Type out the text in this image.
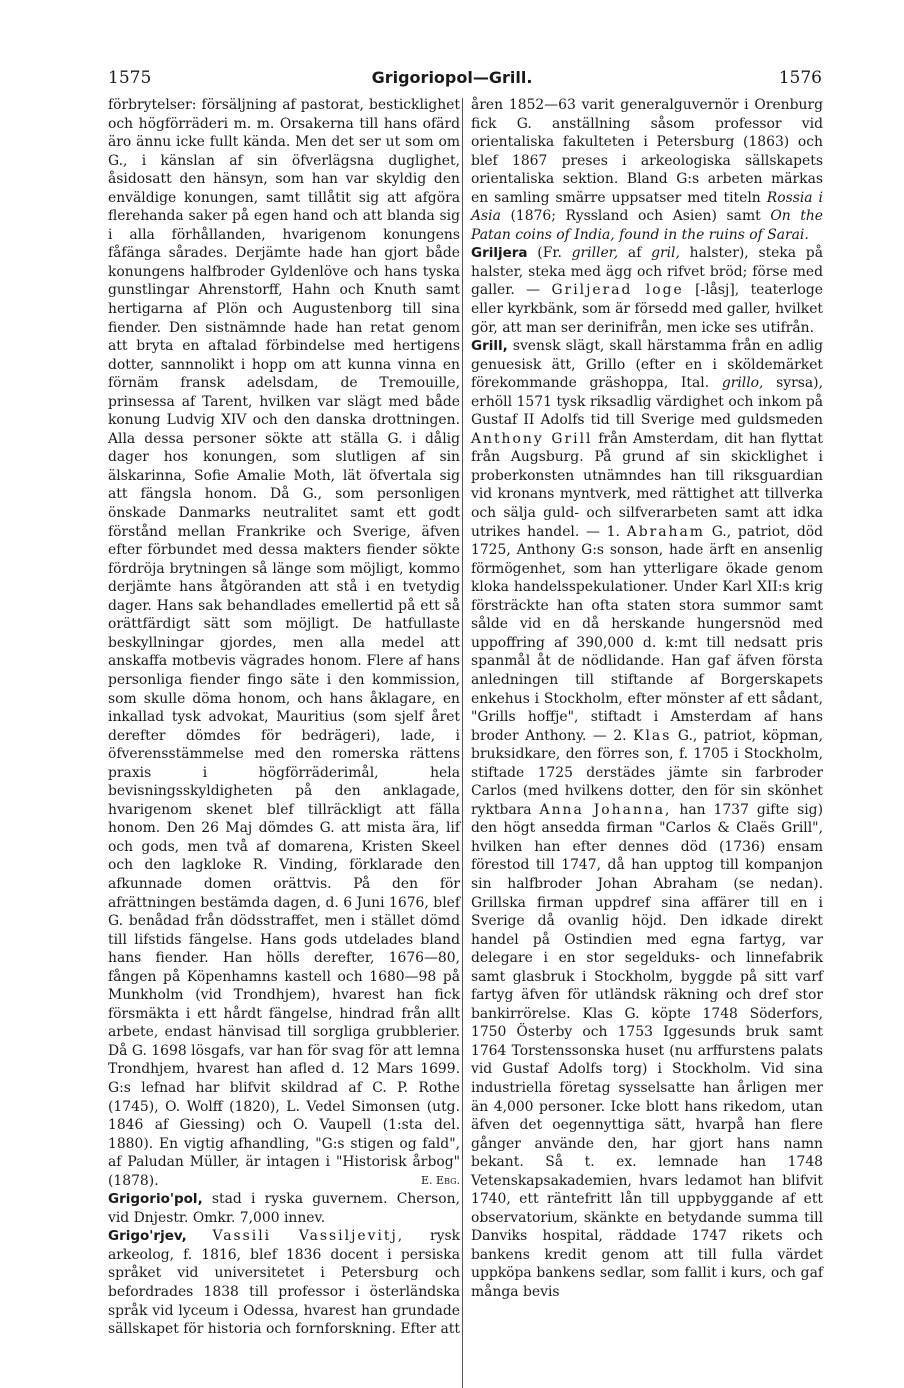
1575	Grigoriopol—Grill.	1576

förbrytelser: försäljning af pastorat, besticklighet och högförräderi m. m. Orsakerna till hans ofärd äro ännu icke fullt kända. Men det ser ut som om G., i känslan af sin öfverlägsna duglighet, åsidosatt den hänsyn, som han var skyldig den enväldige konungen, samt tillåtit sig att afgöra flerehanda saker på egen hand och att blanda sig i alla förhållanden, hvarigenom konungens fåfänga sårades. Derjämte hade han gjort både konungens halfbroder Gyldenlöve och hans tyska gunstlingar Ahrenstorff, Hahn och Knuth samt hertigarna af Plön och Augustenborg till sina fiender. Den sistnämnde hade han retat genom att bryta en aftalad förbindelse med hertigens dotter, sannnolikt i hopp om att kunna vinna en förnäm fransk adelsdam, de Tremouille, prinsessa af Tarent, hvilken var slägt med både konung Ludvig XIV och den danska drottningen. Alla dessa personer sökte att ställa G. i dålig dager hos konungen, som slutligen af sin älskarinna, Sofie Amalie Moth, lät öfvertala sig att fängsla honom. Då G., som personligen önskade Danmarks neutralitet samt ett godt förstånd mellan Frankrike och Sverige, äfven efter förbundet med dessa makters fiender sökte fördröja brytningen så länge som möjligt, kommo derjämte hans åtgöranden att stå i en tvetydig dager. Hans sak behandlades emellertid på ett så orättfärdigt sätt som möjligt. De hatfullaste beskyllningar gjordes, men alla medel att anskaffa motbevis vägrades honom. Flere af hans personliga fiender fingo säte i den kommission, som skulle döma honom, och hans åklagare, en inkallad tysk advokat, Mauritius (som sjelf året derefter dömdes för bedrägeri), lade, i öfverensstämmelse med den romerska rättens praxis i högförräderimål, hela bevisningsskyldigheten på den anklagade, hvarigenom skenet blef tillräckligt att fälla honom. Den 26 Maj dömdes G. att mista ära, lif och gods, men två af domarena, Kristen Skeel och den lagkloke R. Vinding, förklarade den afkunnade domen orättvis. På den för afrättningen bestämda dagen, d. 6 Juni 1676, blef G. benådad från dödsstraffet, men i stället dömd till lifstids fängelse. Hans gods utdelades bland hans fiender. Han hölls derefter, 1676—80, fången på Köpenhamns kastell och 1680—98 på Munkholm (vid Trondhjem), hvarest han fick försmäkta i ett hårdt fängelse, hindrad från allt arbete, endast hänvisad till sorgliga grubblerier. Då G. 1698 lösgafs, var han för svag för att lemna Trondhjem, hvarest han afled d. 12 Mars 1699. G:s lefnad har blifvit skildrad af C. P. Rothe (1745), O. Wolff (1820), L. Vedel Simonsen (utg. 1846 af Giessing) och O. Vaupell (1:sta del. 1880). En vigtig afhandling, "G:s stigen og fald", af Paludan Müller, är intagen i "Historisk årbog" (1878).	E. Ebg.

Grigorio'pol, stad i ryska guvernem. Cherson, vid Dnjestr. Omkr. 7,000 innev.

Grigo'rjev, Vassili Vassiljevitj, rysk arkeolog, f. 1816, blef 1836 docent i persiska språket vid universitetet i Petersburg och befordrades 1838 till professor i österländska språk vid lyceum i Odessa, hvarest han grundade sällskapet för historia och fornforskning. Efter att

åren 1852—63 varit generalguvernör i Orenburg fick G. anställning såsom professor vid orientaliska fakulteten i Petersburg (1863) och blef 1867 preses i arkeologiska sällskapets orientaliska sektion. Bland G:s arbeten märkas en samling smärre uppsatser med titeln Rossia i Asia (1876; Ryssland och Asien) samt On the Patan coins of India, found in the ruins of Sarai.

Griljera (Fr. griller, af gril, halster), steka på halster, steka med ägg och rifvet bröd; förse med galler. — Griljerad loge [-låsj], teaterloge eller kyrkbänk, som är försedd med galler, hvilket gör, att man ser derinifrån, men icke ses utifrån.

Grill, svensk slägt, skall härstamma från en adlig genuesisk ätt, Grillo (efter en i sköldemärket förekommande gräshoppa, Ital. grillo, syrsa), erhöll 1571 tysk riksadlig värdighet och inkom på Gustaf II Adolfs tid till Sverige med guldsmeden Anthony Grill från Amsterdam, dit han flyttat från Augsburg. På grund af sin skicklighet i proberkonsten utnämndes han till riksguardian vid kronans myntverk, med rättighet att tillverka och sälja guld- och silfverarbeten samt att idka utrikes handel. — 1. Abraham G., patriot, död 1725, Anthony G:s sonson, hade ärft en ansenlig förmögenhet, som han ytterligare ökade genom kloka handelsspekulationer. Under Karl XII:s krig försträckte han ofta staten stora summor samt sålde vid en då herskande hungersnöd med uppoffring af 390,000 d. k:mt till nedsatt pris spanmål åt de nödlidande. Han gaf äfven första anledningen till stiftande af Borgerskapets enkehus i Stockholm, efter mönster af ett sådant, "Grills hoffje", stiftadt i Amsterdam af hans broder Anthony. — 2. Klas G., patriot, köpman, bruksidkare, den förres son, f. 1705 i Stockholm, stiftade 1725 derstädes jämte sin farbroder Carlos (med hvilkens dotter, den för sin skönhet ryktbara Anna Johanna, han 1737 gifte sig) den högt ansedda firman "Carlos & Claës Grill", hvilken han efter dennes död (1736) ensam förestod till 1747, då han upptog till kompanjon sin halfbroder Johan Abraham (se nedan). Grillska firman uppdref sina affärer till en i Sverige då ovanlig höjd. Den idkade direkt handel på Ostindien med egna fartyg, var delegare i en stor segelduks- och linnefabrik samt glasbruk i Stockholm, byggde på sitt varf fartyg äfven för utländsk räkning och dref stor bankirrörelse. Klas G. köpte 1748 Söderfors, 1750 Österby och 1753 Iggesunds bruk samt 1764 Torstenssonska huset (nu arffurstens palats vid Gustaf Adolfs torg) i Stockholm. Vid sina industriella företag sysselsatte han årligen mer än 4,000 personer. Icke blott hans rikedom, utan äfven det oegennyttiga sätt, hvarpå han flere gånger använde den, har gjort hans namn bekant. Så t. ex. lemnade han 1748 Vetenskapsakademien, hvars ledamot han blifvit 1740, ett räntefritt lån till uppbyggande af ett observatorium, skänkte en betydande summa till Danviks hospital, räddade 1747 rikets och bankens kredit genom att till fulla värdet uppköpa bankens sedlar, som fallit i kurs, och gaf många bevis
